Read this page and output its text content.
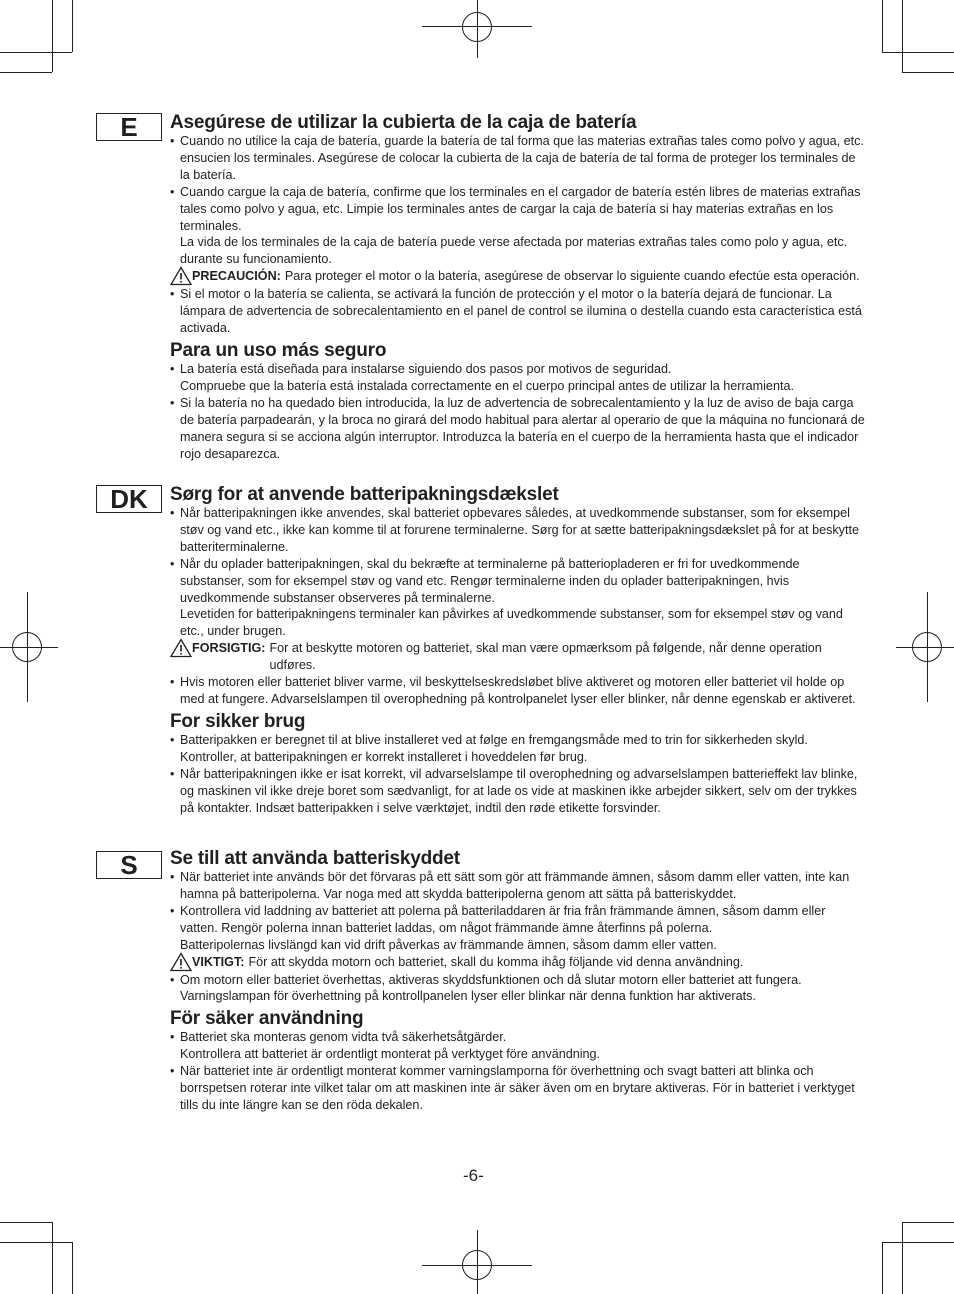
E	Asegúrese de utilizar la cubierta de la caja de batería

• Cuando no utilice la caja de batería, guarde la batería de tal forma que las materias extrañas tales como polvo y agua, etc. ensucien los terminales. Asegúrese de colocar la cubierta de la caja de batería de tal forma de proteger los terminales de la batería.

• Cuando cargue la caja de batería, confirme que los terminales en el cargador de batería estén libres de materias extrañas tales como polvo y agua, etc. Limpie los terminales antes de cargar la caja de batería si hay materias extrañas en los terminales.

La vida de los terminales de la caja de batería puede verse afectada por materias extrañas tales como polo y agua, etc. durante su funcionamiento.

PRECAUCIÓN: Para proteger el motor o la batería, asegúrese de observar lo siguiente cuando efectúe esta operación.

• Si el motor o la batería se calienta, se activará la función de protección y el motor o la batería dejará de funcionar. La lámpara de advertencia de sobrecalentamiento en el panel de control se ilumina o destella cuando esta característica está activada.

Para un uso más seguro

• La batería está diseñada para instalarse siguiendo dos pasos por motivos de seguridad.

Compruebe que la batería está instalada correctamente en el cuerpo principal antes de utilizar la herramienta.

• Si la batería no ha quedado bien introducida, la luz de advertencia de sobrecalentamiento y la luz de aviso de baja carga de batería parpadearán, y la broca no girará del modo habitual para alertar al operario de que la máquina no funcionará de manera segura si se acciona algún interruptor. Introduzca la batería en el cuerpo de la herramienta hasta que el indicador rojo desaparezca.

DK	Sørg for at anvende batteripakningsdækslet

• Når batteripakningen ikke anvendes, skal batteriet opbevares således, at uvedkommende substanser, som for eksempel støv og vand etc., ikke kan komme til at forurene terminalerne. Sørg for at sætte batteripakningsdækslet på for at beskytte batteriterminalerne.

• Når du oplader batteripakningen, skal du bekræfte at terminalerne på batteriopladeren er fri for uvedkommende substanser, som for eksempel støv og vand etc. Rengør terminalerne inden du oplader batteripakningen, hvis uvedkommende substanser observeres på terminalerne.

Levetiden for batteripakningens terminaler kan påvirkes af uvedkommende substanser, som for eksempel støv og vand etc., under brugen.

FORSIGTIG: For at beskytte motoren og batteriet, skal man være opmærksom på følgende, når denne operation udføres.

• Hvis motoren eller batteriet bliver varme, vil beskyttelseskredsløbet blive aktiveret og motoren eller batteriet vil holde op med at fungere. Advarselslampen til overophedning på kontrolpanelet lyser eller blinker, når denne egenskab er aktiveret.

For sikker brug

• Batteripakken er beregnet til at blive installeret ved at følge en fremgangsmåde med to trin for sikkerheden skyld.

Kontroller, at batteripakningen er korrekt installeret i hoveddelen før brug.

• Når batteripakningen ikke er isat korrekt, vil advarselslampe til overophedning og advarselslampen batterieffekt lav blinke, og maskinen vil ikke dreje boret som sædvanligt, for at lade os vide at maskinen ikke arbejder sikkert, selv om der trykkes på kontakter. Indsæt batteripakken i selve værktøjet, indtil den røde etikette forsvinder.

S	Se till att använda batteriskyddet

• När batteriet inte används bör det förvaras på ett sätt som gör att främmande ämnen, såsom damm eller vatten, inte kan hamna på batteripolerna. Var noga med att skydda batteripolerna genom att sätta på batteriskyddet.

• Kontrollera vid laddning av batteriet att polerna på batteriladdaren är fria från främmande ämnen, såsom damm eller vatten. Rengör polerna innan batteriet laddas, om något främmande ämne återfinns på polerna.

Batteripolernas livslängd kan vid drift påverkas av främmande ämnen, såsom damm eller vatten.

VIKTIGT: För att skydda motorn och batteriet, skall du komma ihåg följande vid denna användning.

• Om motorn eller batteriet överhettas, aktiveras skyddsfunktionen och då slutar motorn eller batteriet att fungera. Varningslampan för överhettning på kontrollpanelen lyser eller blinkar när denna funktion har aktiverats.

För säker användning

• Batteriet ska monteras genom vidta två säkerhetsåtgärder.

Kontrollera att batteriet är ordentligt monterat på verktyget före användning.

• När batteriet inte är ordentligt monterat kommer varningslamporna för överhettning och svagt batteri att blinka och borrspetsen roterar inte vilket talar om att maskinen inte är säker även om en brytare aktiveras. För in batteriet i verktyget tills du inte längre kan se den röda dekalen.

-6-
